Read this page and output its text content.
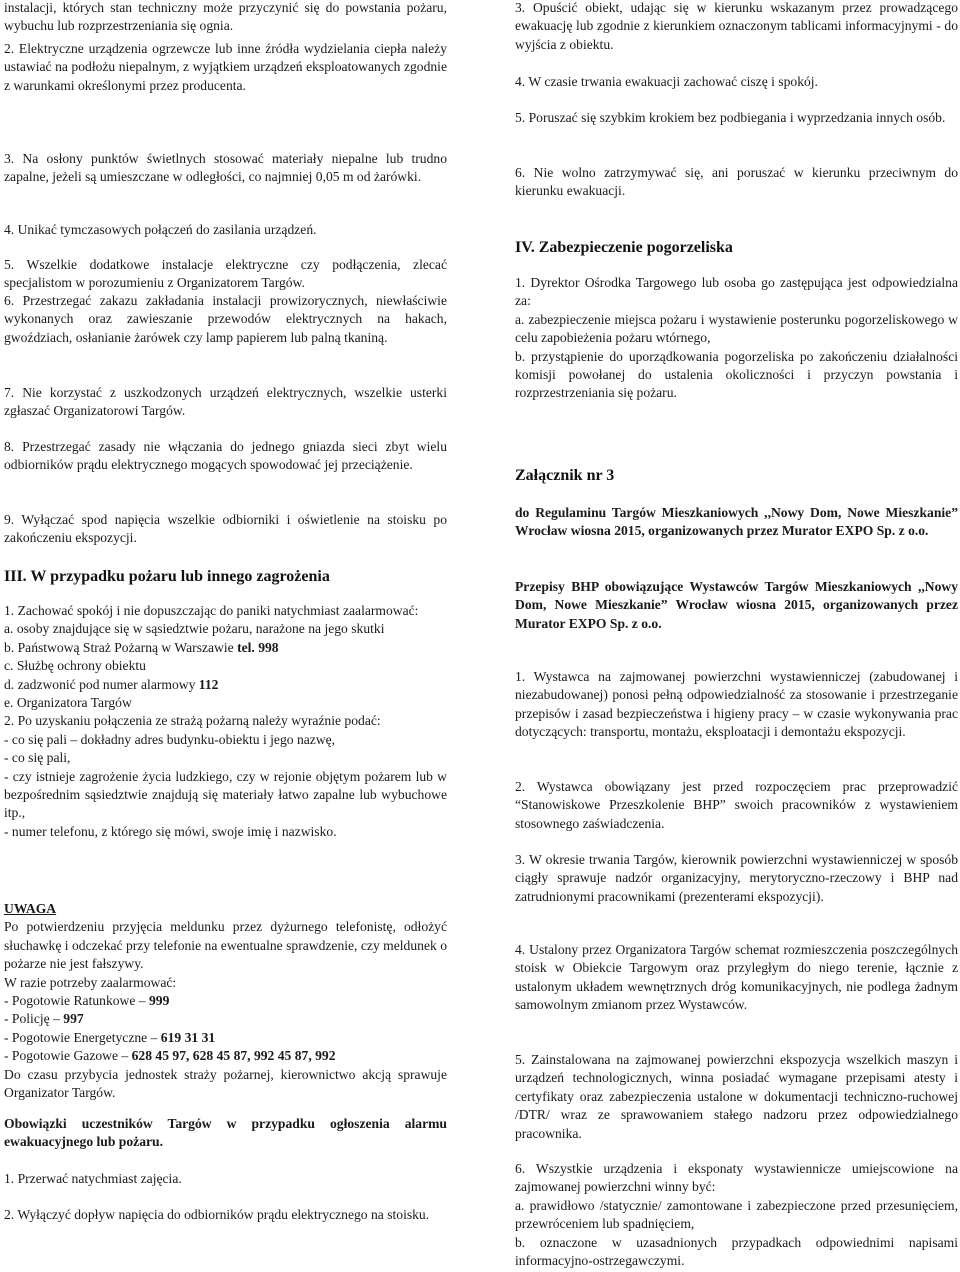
instalacji, których stan techniczny może przyczynić się do powstania pożaru, wybuchu lub rozprzestrzeniania się ognia.

2. Elektryczne urządzenia ogrzewcze lub inne źródła wydzielania ciepła należy ustawiać na podłożu niepalnym, z wyjątkiem urządzeń eksploatowanych zgodnie z warunkami określonymi przez producenta.

3. Na osłony punktów świetlnych stosować materiały niepalne lub trudno zapalne, jeżeli są umieszczane w odległości, co najmniej 0,05 m od żarówki.

4. Unikać tymczasowych połączeń do zasilania urządzeń.

5. Wszelkie dodatkowe instalacje elektryczne czy podłączenia, zlecać specjalistom w porozumieniu z Organizatorem Targów.

6. Przestrzegać zakazu zakładania instalacji prowizorycznych, niewłaściwie wykonanych oraz zawieszanie przewodów elektrycznych na hakach, gwoździach, osłanianie żarówek czy lamp papierem lub palną tkaniną.

7. Nie korzystać z uszkodzonych urządzeń elektrycznych, wszelkie usterki zgłaszać Organizatorowi Targów.

8. Przestrzegać zasady nie włączania do jednego gniazda sieci zbyt wielu odbiorników prądu elektrycznego mogących spowodować jej przeciążenie.

9. Wyłączać spod napięcia wszelkie odbiorniki i oświetlenie na stoisku po zakończeniu ekspozycji.

III. W przypadku pożaru lub innego zagrożenia

1. Zachować spokój i nie dopuszczając do paniki natychmiast zaalarmować:
a. osoby znajdujące się w sąsiedztwie pożaru, narażone na jego skutki
b. Państwową Straż Pożarną w Warszawie tel. 998
c. Służbę ochrony obiektu
d. zadzwonić pod numer alarmowy 112
e. Organizatora Targów
2. Po uzyskaniu połączenia ze strażą pożarną należy wyraźnie podać:
- co się pali – dokładny adres budynku-obiektu i jego nazwę,
- co się pali,
- czy istnieje zagrożenie życia ludzkiego, czy w rejonie objętym pożarem lub w bezpośrednim sąsiedztwie znajdują się materiały łatwo zapalne lub wybuchowe itp.,
- numer telefonu, z którego się mówi, swoje imię i nazwisko.
UWAGA
Po potwierdzeniu przyjęcia meldunku przez dyżurnego telefonistę, odłożyć słuchawkę i odczekać przy telefonie na ewentualne sprawdzenie, czy meldunek o pożarze nie jest fałszywy.
W razie potrzeby zaalarmować:
- Pogotowie Ratunkowe – 999
- Policję – 997
- Pogotowie Energetyczne – 619 31 31
- Pogotowie Gazowe – 628 45 97, 628 45 87, 992 45 87, 992
Do czasu przybycia jednostek straży pożarnej, kierownictwo akcją sprawuje Organizator Targów.

Obowiązki uczestników Targów w przypadku ogłoszenia alarmu ewakuacyjnego lub pożaru.

1. Przerwać natychmiast zajęcia.

2. Wyłączyć dopływ napięcia do odbiorników prądu elektrycznego na stoisku.

3. Opuścić obiekt, udając się w kierunku wskazanym przez prowadzącego ewakuację lub zgodnie z kierunkiem oznaczonym tablicami informacyjnymi - do wyjścia z obiektu.

4. W czasie trwania ewakuacji zachować ciszę i spokój.

5. Poruszać się szybkim krokiem bez podbiegania i wyprzedzania innych osób.

6. Nie wolno zatrzymywać się, ani poruszać w kierunku przeciwnym do kierunku ewakuacji.

IV. Zabezpieczenie pogorzeliska

1. Dyrektor Ośrodka Targowego lub osoba go zastępująca jest odpowiedzialna za:
a. zabezpieczenie miejsca pożaru i wystawienie posterunku pogorzeliskowego w celu zapobieżenia pożaru wtórnego,
b. przystąpienie do uporządkowania pogorzeliska po zakończeniu działalności komisji powołanej do ustalenia okoliczności i przyczyn powstania i rozprzestrzeniania się pożaru.

Załącznik nr 3

do Regulaminu Targów Mieszkaniowych ,,Nowy Dom, Nowe Mieszkanie” Wrocław wiosna 2015, organizowanych przez Murator EXPO Sp. z o.o.

Przepisy BHP obowiązujące Wystawców Targów Mieszkaniowych ,,Nowy Dom, Nowe Mieszkanie” Wrocław wiosna 2015, organizowanych przez Murator EXPO Sp. z o.o.

1. Wystawca na zajmowanej powierzchni wystawienniczej (zabudowanej i niezabudowanej) ponosi pełną odpowiedzialność za stosowanie i przestrzeganie przepisów i zasad bezpieczeństwa i higieny pracy – w czasie wykonywania prac dotyczących: transportu, montażu, eksploatacji i demontażu ekspozycji.

2. Wystawca obowiązany jest przed rozpoczęciem prac przeprowadzić “Stanowiskowe Przeszkolenie BHP” swoich pracowników z wystawieniem stosownego zaświadczenia.

3. W okresie trwania Targów, kierownik powierzchni wystawienniczej w sposób ciągły sprawuje nadzór organizacyjny, merytoryczno-rzeczowy i BHP nad zatrudnionymi pracownikami (prezenterami ekspozycji).

4. Ustalony przez Organizatora Targów schemat rozmieszczenia poszczególnych stoisk w Obiekcie Targowym oraz przyległym do niego terenie, łącznie z ustalonym układem wewnętrznych dróg komunikacyjnych, nie podlega żadnym samowolnym zmianom przez Wystawców.

5. Zainstalowana na zajmowanej powierzchni ekspozycja wszelkich maszyn i urządzeń technologicznych, winna posiadać wymagane przepisami atesty i certyfikaty oraz zabezpieczenia ustalone w dokumentacji techniczno-ruchowej /DTR/ wraz ze sprawowaniem stałego nadzoru przez odpowiedzialnego pracownika.

6. Wszystkie urządzenia i eksponaty wystawiennicze umiejscowione na zajmowanej powierzchni winny być:
a. prawidłowo /statycznie/ zamontowane i zabezpieczone przed przesunięciem, przewróceniem lub spadnięciem,
b. oznaczone w uzasadnionych przypadkach odpowiednimi napisami informacyjno-ostrzegawczymi.
